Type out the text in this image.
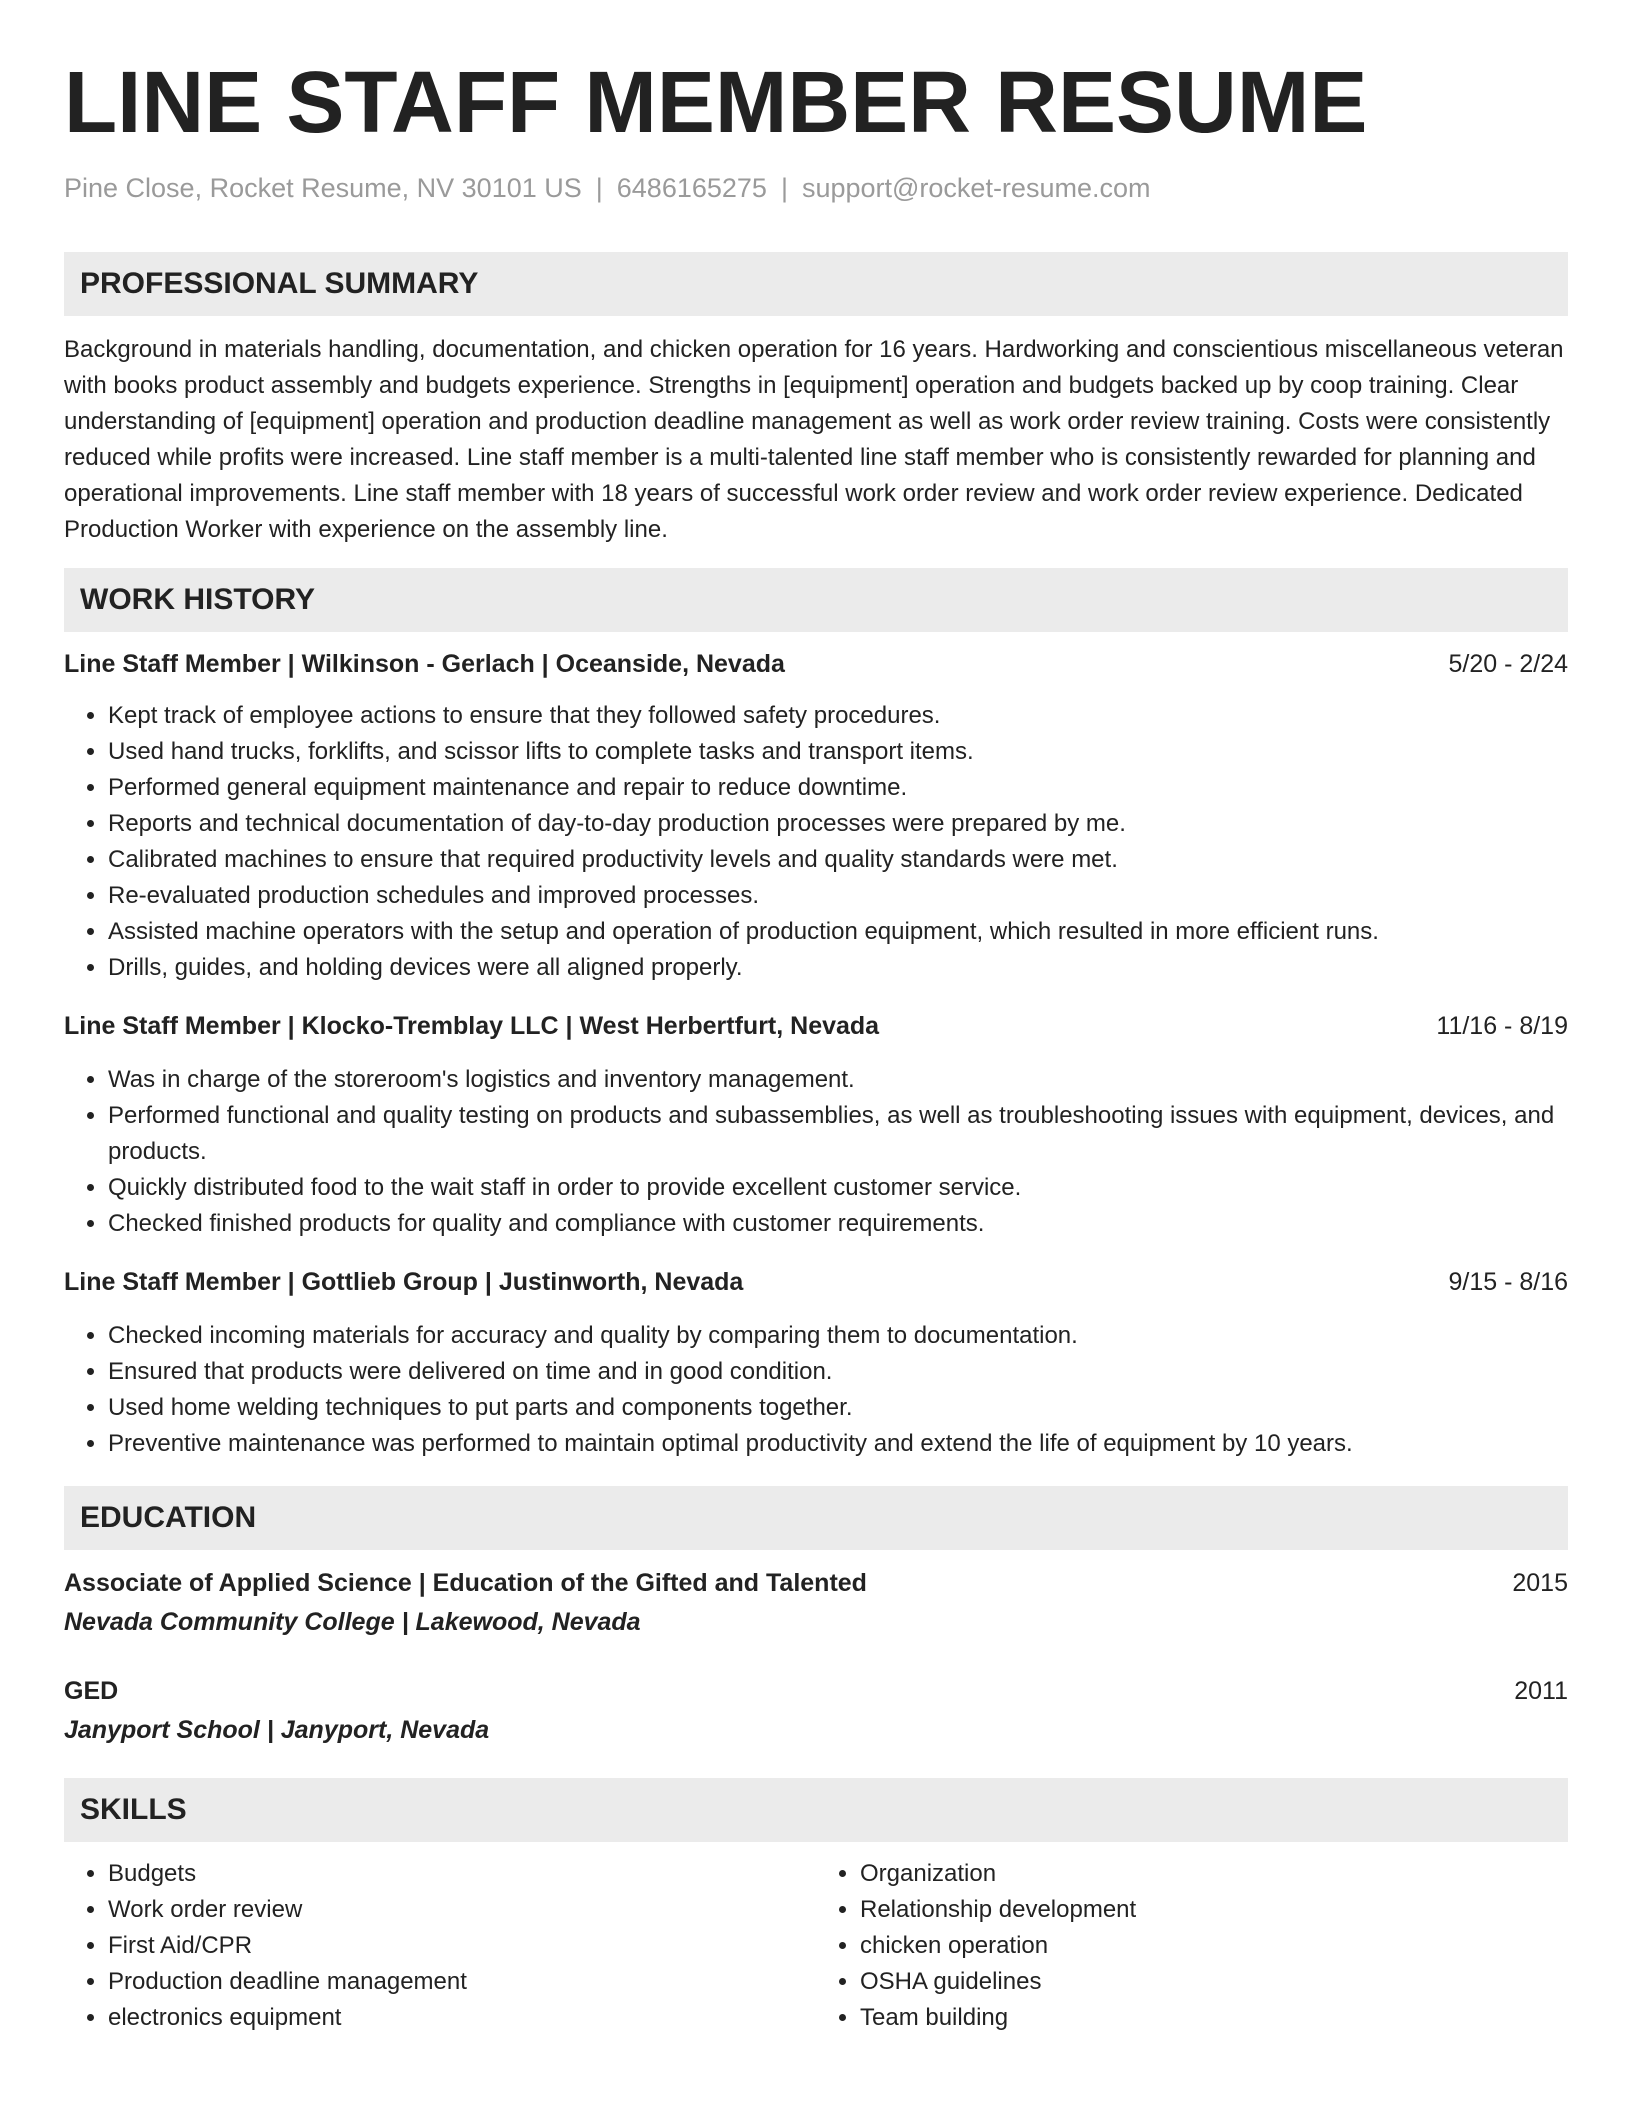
LINE STAFF MEMBER RESUME
Pine Close, Rocket Resume, NV 30101 US | 6486165275 | support@rocket-resume.com
PROFESSIONAL SUMMARY

Background in materials handling, documentation, and chicken operation for 16 years. Hardworking and conscientious miscellaneous veteran with books product assembly and budgets experience. Strengths in [equipment] operation and budgets backed up by coop training. Clear understanding of [equipment] operation and production deadline management as well as work order review training. Costs were consistently reduced while profits were increased. Line staff member is a multi-talented line staff member who is consistently rewarded for planning and operational improvements. Line staff member with 18 years of successful work order review and work order review experience. Dedicated Production Worker with experience on the assembly line.

WORK HISTORY
Line Staff Member | Wilkinson - Gerlach | Oceanside, Nevada	5/20 - 2/24
• Kept track of employee actions to ensure that they followed safety procedures.
• Used hand trucks, forklifts, and scissor lifts to complete tasks and transport items.
• Performed general equipment maintenance and repair to reduce downtime.
• Reports and technical documentation of day-to-day production processes were prepared by me.
• Calibrated machines to ensure that required productivity levels and quality standards were met.
• Re-evaluated production schedules and improved processes.
• Assisted machine operators with the setup and operation of production equipment, which resulted in more efficient runs.
• Drills, guides, and holding devices were all aligned properly.
Line Staff Member | Klocko-Tremblay LLC | West Herbertfurt, Nevada	11/16 - 8/19
• Was in charge of the storeroom's logistics and inventory management.
• Performed functional and quality testing on products and subassemblies, as well as troubleshooting issues with equipment, devices, and products.
• Quickly distributed food to the wait staff in order to provide excellent customer service.
• Checked finished products for quality and compliance with customer requirements.
Line Staff Member | Gottlieb Group | Justinworth, Nevada	9/15 - 8/16
• Checked incoming materials for accuracy and quality by comparing them to documentation.
• Ensured that products were delivered on time and in good condition.
• Used home welding techniques to put parts and components together.
• Preventive maintenance was performed to maintain optimal productivity and extend the life of equipment by 10 years.
EDUCATION
Associate of Applied Science | Education of the Gifted and Talented	2015
Nevada Community College | Lakewood, Nevada
GED	2011
Janyport School | Janyport, Nevada
SKILLS
• Budgets
• Work order review
• First Aid/CPR
• Production deadline management
• electronics equipment
• Organization
• Relationship development
• chicken operation
• OSHA guidelines
• Team building
